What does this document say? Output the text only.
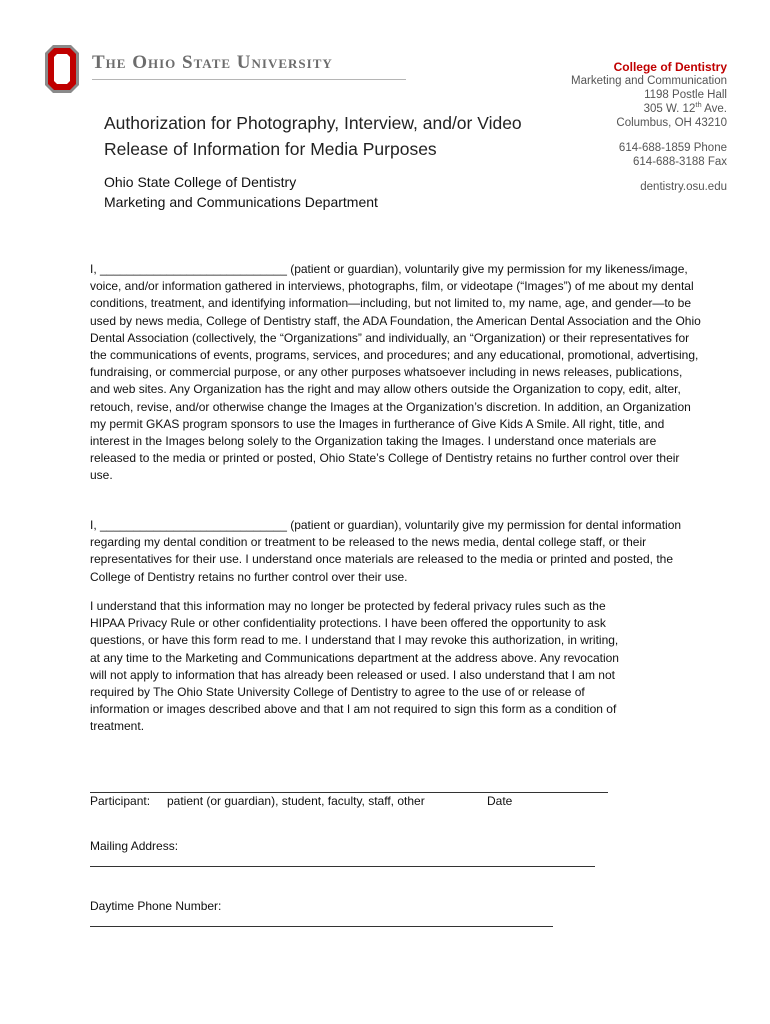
The Ohio State University	College of Dentistry
Marketing and Communication
1198 Postle Hall
305 W. 12th Ave.
Columbus, OH 43210
614-688-1859 Phone
614-688-3188 Fax
dentistry.osu.edu
Authorization for Photography, Interview, and/or Video
Release of Information for Media Purposes
Ohio State College of Dentistry
Marketing and Communications Department
I, ____________________________ (patient or guardian), voluntarily give my permission for my likeness/image, voice, and/or information gathered in interviews, photographs, film, or videotape (“Images”) of me about my dental conditions, treatment, and identifying information—including, but not limited to, my name, age, and gender—to be used by news media, College of Dentistry staff, the ADA Foundation, the American Dental Association and the Ohio Dental Association (collectively, the “Organizations” and individually, an “Organization) or their representatives for the communications of events, programs, services, and procedures; and any educational, promotional, advertising, fundraising, or commercial purpose, or any other purposes whatsoever including in news releases, publications, and web sites. Any Organization has the right and may allow others outside the Organization to copy, edit, alter, retouch, revise, and/or otherwise change the Images at the Organization’s discretion. In addition, an Organization my permit GKAS program sponsors to use the Images in furtherance of Give Kids A Smile. All right, title, and interest in the Images belong solely to the Organization taking the Images. I understand once materials are released to the media or printed or posted, Ohio State’s College of Dentistry retains no further control over their use.
I, ____________________________ (patient or guardian), voluntarily give my permission for dental information regarding my dental condition or treatment to be released to the news media, dental college staff, or their representatives for their use. I understand once materials are released to the media or printed and posted, the College of Dentistry retains no further control over their use.
I understand that this information may no longer be protected by federal privacy rules such as the HIPAA Privacy Rule or other confidentiality protections. I have been offered the opportunity to ask questions, or have this form read to me. I understand that I may revoke this authorization, in writing, at any time to the Marketing and Communications department at the address above. Any revocation will not apply to information that has already been released or used. I also understand that I am not required by The Ohio State University College of Dentistry to agree to the use of or release of information or images described above and that I am not required to sign this form as a condition of treatment.
Participant: patient (or guardian), student, faculty, staff, other	Date
Mailing Address:
Daytime Phone Number:
